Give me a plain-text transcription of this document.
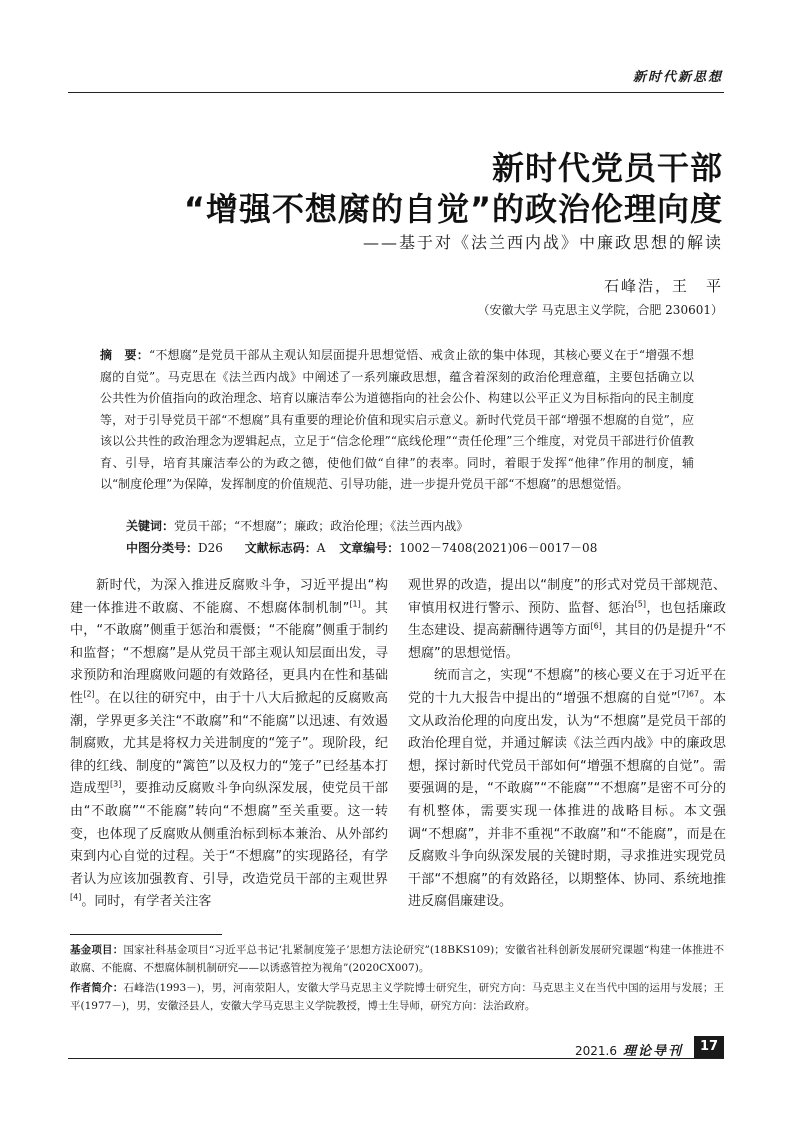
新时代新思想
新时代党员干部
“增强不想腐的自觉”的政治伦理向度
——基于对《法兰西内战》中廉政思想的解读
石峰浩，王　平
（安徽大学 马克思主义学院，合肥 230601）

摘　要：“不想腐”是党员干部从主观认知层面提升思想觉悟、戒贪止欲的集中体现，其核心要义在于“增强不想腐的自觉”。马克思在《法兰西内战》中阐述了一系列廉政思想，蕴含着深刻的政治伦理意蕴，主要包括确立以公共性为价值指向的政治理念、培育以廉洁奉公为道德指向的社会公仆、构建以公平正义为目标指向的民主制度等，对于引导党员干部“不想腐”具有重要的理论价值和现实启示意义。新时代党员干部“增强不想腐的自觉”，应该以公共性的政治理念为逻辑起点，立足于“信念伦理”“底线伦理”“责任伦理”三个维度，对党员干部进行价值教育、引导，培育其廉洁奉公的为政之德，使他们做“自律”的表率。同时，着眼于发挥“他律”作用的制度，辅以“制度伦理”为保障，发挥制度的价值规范、引导功能，进一步提升党员干部“不想腐”的思想觉悟。

关键词：党员干部；“不想腐”；廉政；政治伦理；《法兰西内战》
中图分类号：D26 文献标志码：A 文章编号：1002－7408(2021)06－0017－08

新时代，为深入推进反腐败斗争，习近平提出“构建一体推进不敢腐、不能腐、不想腐体制机制”[1]。其中，“不敢腐”侧重于惩治和震慑；“不能腐”侧重于制约和监督；“不想腐”是从党员干部主观认知层面出发，寻求预防和治理腐败问题的有效路径，更具内在性和基础性[2]。在以往的研究中，由于十八大后掀起的反腐败高潮，学界更多关注“不敢腐”和“不能腐”以迅速、有效遏制腐败，尤其是将权力关进制度的“笼子”。现阶段，纪律的红线、制度的“篱笆”以及权力的“笼子”已经基本打造成型[3]，要推动反腐败斗争向纵深发展，使党员干部由“不敢腐”“不能腐”转向“不想腐”至关重要。这一转变，也体现了反腐败从侧重治标到标本兼治、从外部约束到内心自觉的过程。关于“不想腐”的实现路径，有学者认为应该加强教育、引导，改造党员干部的主观世界[4]。同时，有学者关注客

观世界的改造，提出以“制度”的形式对党员干部规范、审慎用权进行警示、预防、监督、惩治[5]，也包括廉政生态建设、提高薪酬待遇等方面[6]，其目的仍是提升“不想腐”的思想觉悟。

统而言之，实现“不想腐”的核心要义在于习近平在党的十九大报告中提出的“增强不想腐的自觉”$^{[7]67}$。本文从政治伦理的向度出发，认为“不想腐”是党员干部的政治伦理自觉，并通过解读《法兰西内战》中的廉政思想，探讨新时代党员干部如何“增强不想腐的自觉”。需要强调的是，“不敢腐”“不能腐”“不想腐”是密不可分的有机整体，需要实现一体推进的战略目标。本文强调“不想腐”，并非不重视“不敢腐”和“不能腐”，而是在反腐败斗争向纵深发展的关键时期，寻求推进实现党员干部“不想腐”的有效路径，以期整体、协同、系统地推进反腐倡廉建设。

基金项目：国家社科基金项目“习近平总书记‘扎紧制度笼子’思想方法论研究”(18BKS109)；安徽省社科创新发展研究课题“构建一体推进不敢腐、不能腐、不想腐体制机制研究——以诱惑管控为视角”(2020CX007)。

作者简介：石峰浩(1993－)，男，河南荥阳人，安徽大学马克思主义学院博士研究生，研究方向：马克思主义在当代中国的运用与发展；王平(1977－)，男，安徽泾县人，安徽大学马克思主义学院教授，博士生导师，研究方向：法治政府。

2021.6 理论导刊	17
